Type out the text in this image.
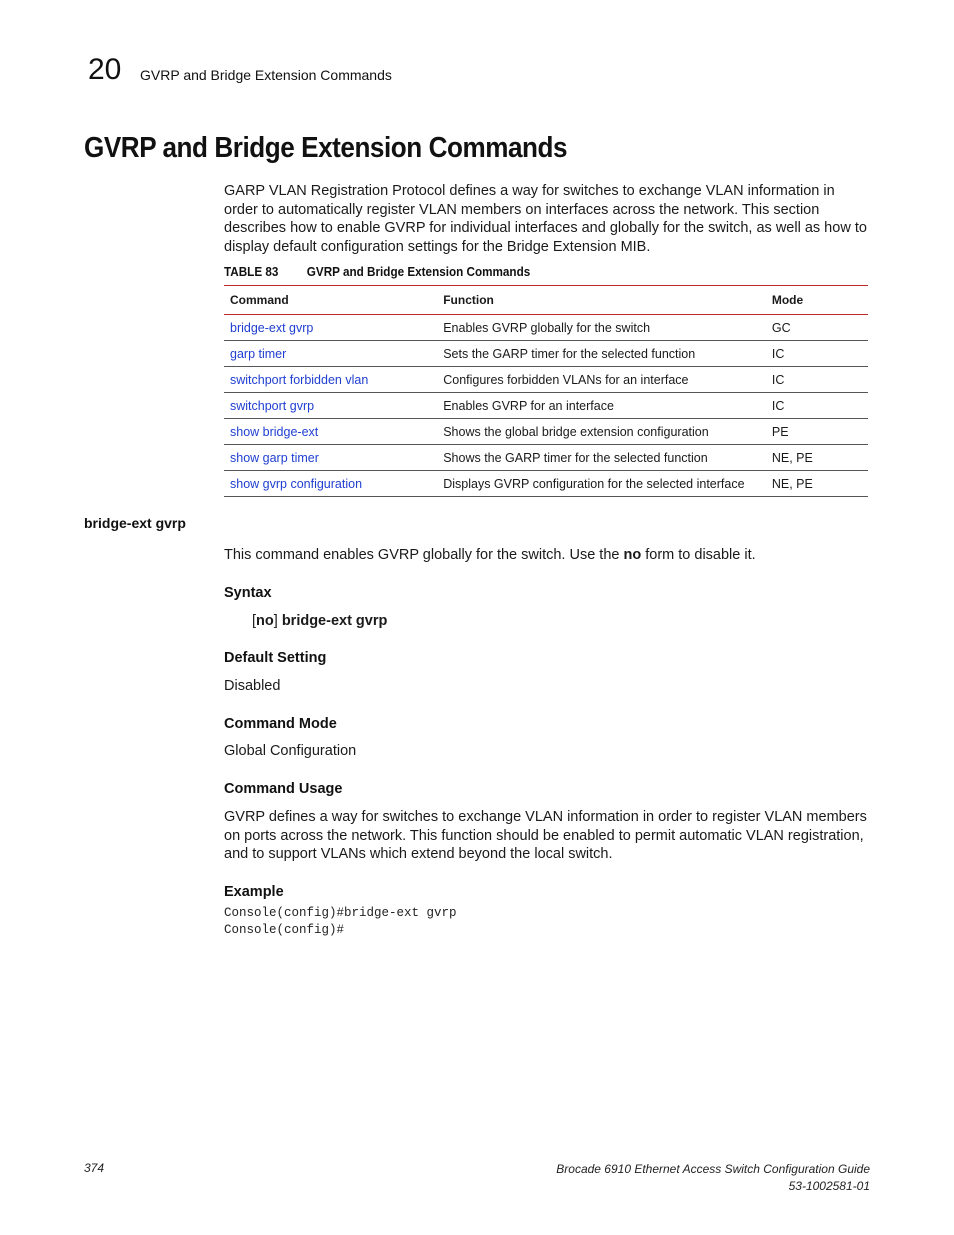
20 GVRP and Bridge Extension Commands
GVRP and Bridge Extension Commands
GARP VLAN Registration Protocol defines a way for switches to exchange VLAN information in order to automatically register VLAN members on interfaces across the network. This section describes how to enable GVRP for individual interfaces and globally for the switch, as well as how to display default configuration settings for the Bridge Extension MIB.
TABLE 83 GVRP and Bridge Extension Commands
Command	Function	Mode
bridge-ext gvrp	Enables GVRP globally for the switch	GC
garp timer	Sets the GARP timer for the selected function	IC
switchport forbidden vlan	Configures forbidden VLANs for an interface	IC
switchport gvrp	Enables GVRP for an interface	IC
show bridge-ext	Shows the global bridge extension configuration	PE
show garp timer	Shows the GARP timer for the selected function	NE, PE
show gvrp configuration	Displays GVRP configuration for the selected interface	NE, PE
bridge-ext gvrp
This command enables GVRP globally for the switch. Use the no form to disable it.
Syntax
[no] bridge-ext gvrp
Default Setting
Disabled
Command Mode
Global Configuration
Command Usage
GVRP defines a way for switches to exchange VLAN information in order to register VLAN members on ports across the network. This function should be enabled to permit automatic VLAN registration, and to support VLANs which extend beyond the local switch.
Example
Console(config)#bridge-ext gvrp
Console(config)#
374	Brocade 6910 Ethernet Access Switch Configuration Guide
53-1002581-01
